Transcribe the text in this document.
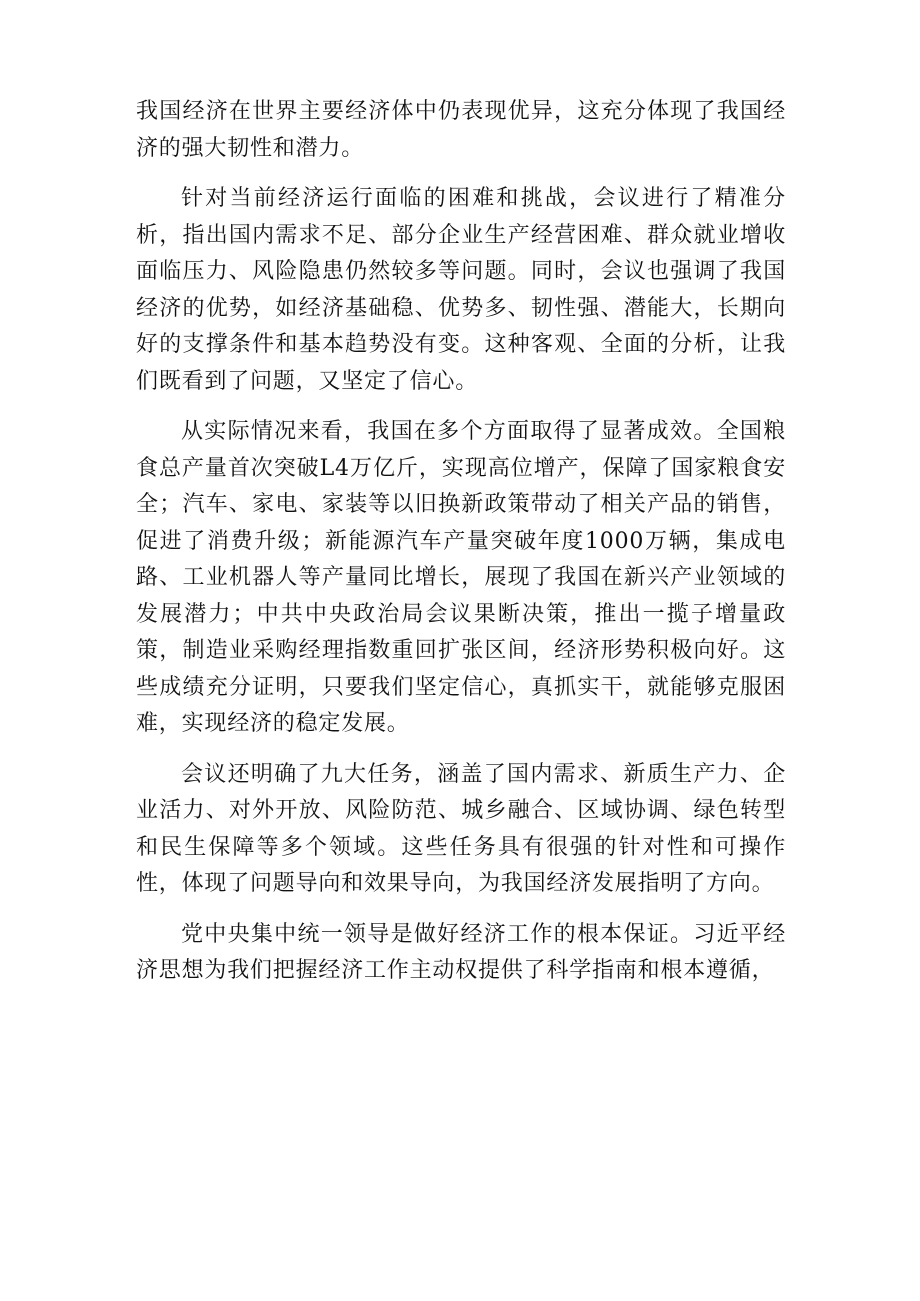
我国经济在世界主要经济体中仍表现优异，这充分体现了我国经济的强大韧性和潜力。

针对当前经济运行面临的困难和挑战，会议进行了精准分析，指出国内需求不足、部分企业生产经营困难、群众就业增收面临压力、风险隐患仍然较多等问题。同时，会议也强调了我国经济的优势，如经济基础稳、优势多、韧性强、潜能大，长期向好的支撑条件和基本趋势没有变。这种客观、全面的分析，让我们既看到了问题，又坚定了信心。

从实际情况来看，我国在多个方面取得了显著成效。全国粮食总产量首次突破L4万亿斤，实现高位增产，保障了国家粮食安全；汽车、家电、家装等以旧换新政策带动了相关产品的销售，促进了消费升级；新能源汽车产量突破年度1000万辆，集成电路、工业机器人等产量同比增长，展现了我国在新兴产业领域的发展潜力；中共中央政治局会议果断决策，推出一揽子增量政策，制造业采购经理指数重回扩张区间，经济形势积极向好。这些成绩充分证明，只要我们坚定信心，真抓实干，就能够克服困难，实现经济的稳定发展。

会议还明确了九大任务，涵盖了国内需求、新质生产力、企业活力、对外开放、风险防范、城乡融合、区域协调、绿色转型和民生保障等多个领域。这些任务具有很强的针对性和可操作性，体现了问题导向和效果导向，为我国经济发展指明了方向。

党中央集中统一领导是做好经济工作的根本保证。习近平经济思想为我们把握经济工作主动权提供了科学指南和根本遵循，
